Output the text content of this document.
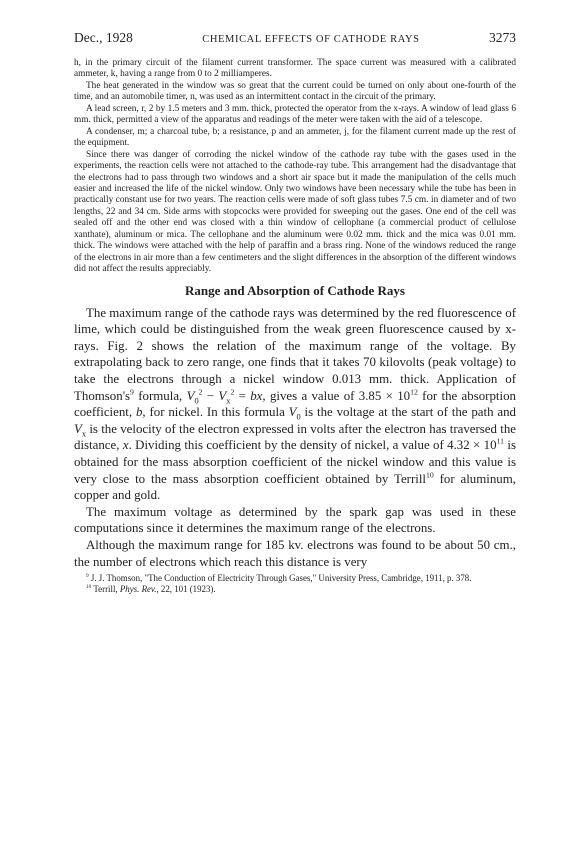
Dec., 1928	CHEMICAL EFFECTS OF CATHODE RAYS	3273

h, in the primary circuit of the filament current transformer. The space current was measured with a calibrated ammeter, k, having a range from 0 to 2 milliamperes.

The heat generated in the window was so great that the current could be turned on only about one-fourth of the time, and an automobile timer, n, was used as an intermittent contact in the circuit of the primary.

A lead screen, r, 2 by 1.5 meters and 3 mm. thick, protected the operator from the x-rays. A window of lead glass 6 mm. thick, permitted a view of the apparatus and readings of the meter were taken with the aid of a telescope.

A condenser, m; a charcoal tube, b; a resistance, p and an ammeter, j, for the filament current made up the rest of the equipment.

Since there was danger of corroding the nickel window of the cathode ray tube with the gases used in the experiments, the reaction cells were not attached to the cathode-ray tube. This arrangement had the disadvantage that the electrons had to pass through two windows and a short air space but it made the manipulation of the cells much easier and increased the life of the nickel window. Only two windows have been necessary while the tube has been in practically constant use for two years. The reaction cells were made of soft glass tubes 7.5 cm. in diameter and of two lengths, 22 and 34 cm. Side arms with stopcocks were provided for sweeping out the gases. One end of the cell was sealed off and the other end was closed with a thin window of cellophane (a commercial product of cellulose xanthate), aluminum or mica. The cellophane and the aluminum were 0.02 mm. thick and the mica was 0.01 mm. thick. The windows were attached with the help of paraffin and a brass ring. None of the windows reduced the range of the electrons in air more than a few centimeters and the slight differences in the absorption of the different windows did not affect the results appreciably.

Range and Absorption of Cathode Rays

The maximum range of the cathode rays was determined by the red fluorescence of lime, which could be distinguished from the weak green fluorescence caused by x-rays. Fig. 2 shows the relation of the maximum range of the voltage. By extrapolating back to zero range, one finds that it takes 70 kilovolts (peak voltage) to take the electrons through a nickel window 0.013 mm. thick. Application of $Thomson's^9$ formula, $V_0^2 - V_x^2$ = bx, gives a value of $3.85 \times 10^{12}$ for the absorption coefficient, b, for nickel. In this formula $V_0$ is the voltage at the start of the path and $V_x$ is the velocity of the electron expressed in volts after the electron has traversed the distance, x. Dividing this coefficient by the density of nickel, a value of $4.32 \times 10^{11}$ is obtained for the mass absorption coefficient of the nickel window and this value is very close to the mass absorption coefficient obtained by Terrill$^{10}$ for aluminum, copper and gold.

The maximum voltage as determined by the spark gap was used in these computations since it determines the maximum range of the electrons.

Although the maximum range for 185 kv. electrons was found to be about 50 cm., the number of electrons which reach this distance is very

$^9$ J. J. Thomson, "The Conduction of Electricity Through Gases," University Press, Cambridge, 1911, p. 378.

$^{10}$ Terrill, Phys. Rev., 22, 101 (1923).
